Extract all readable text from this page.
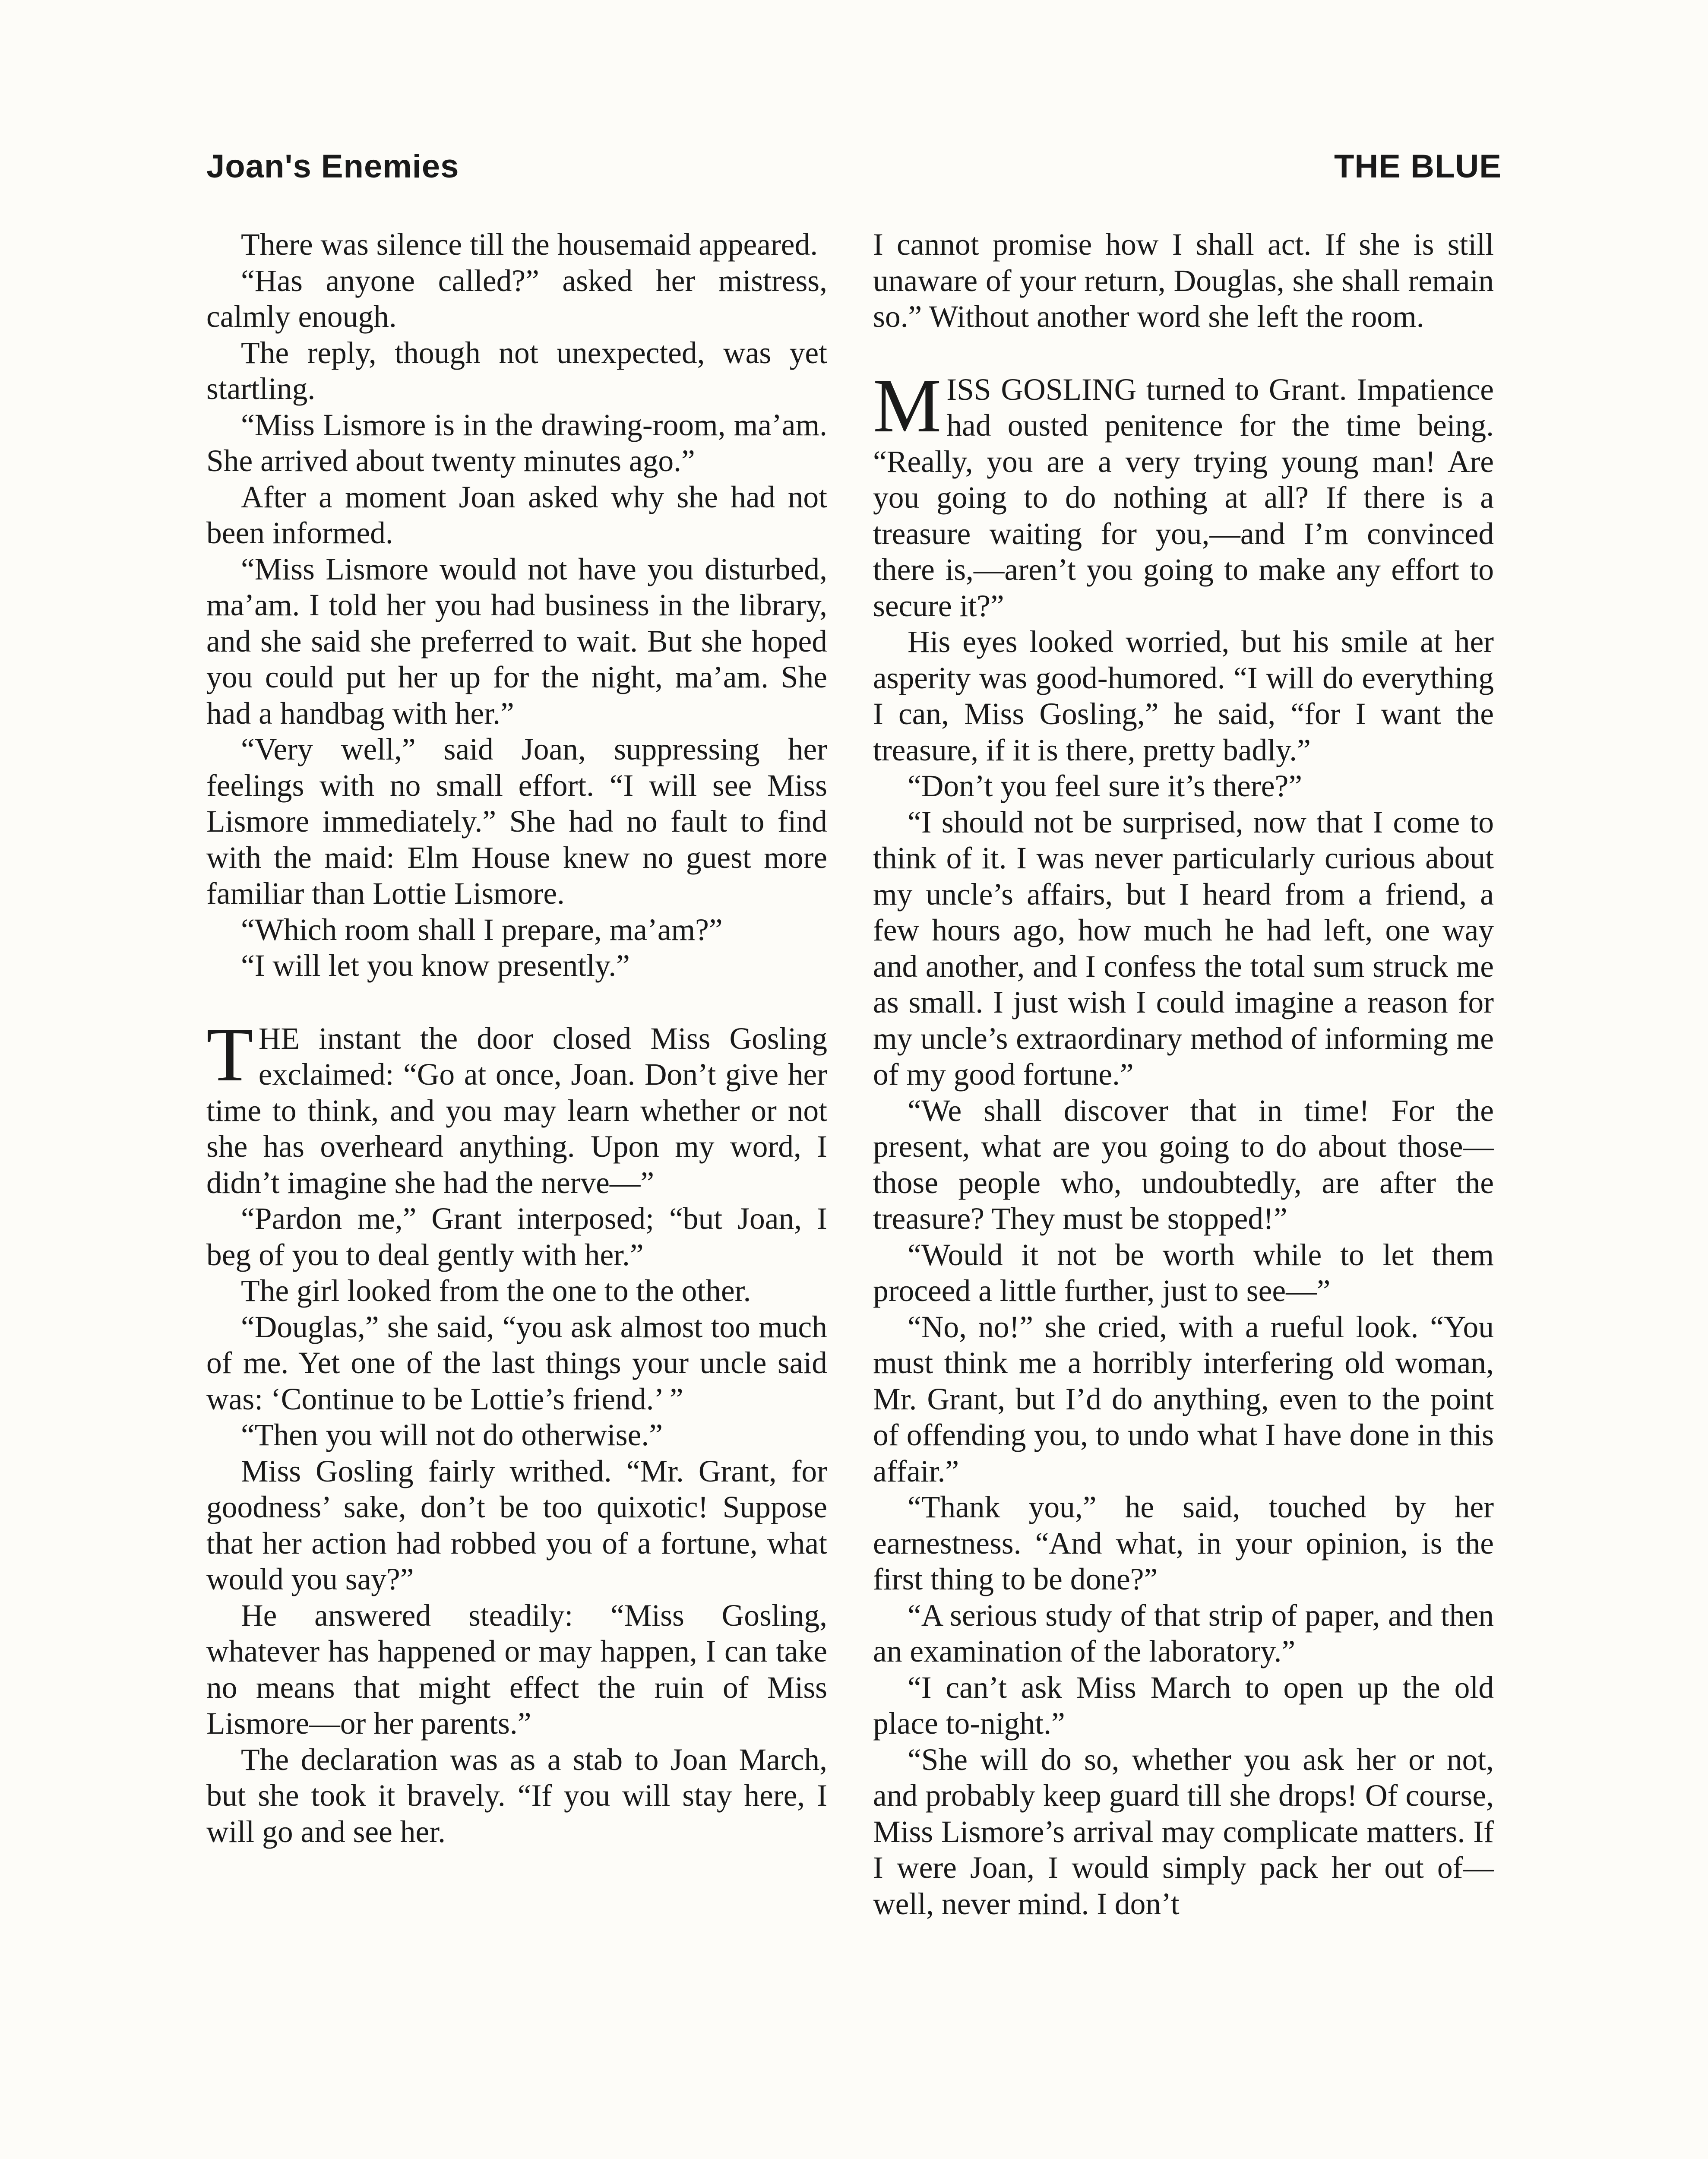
Joan's Enemies	THE BLUE

There was silence till the housemaid appeared.

“Has anyone called?” asked her mistress, calmly enough.

The reply, though not unexpected, was yet startling.

“Miss Lismore is in the drawing-room, ma’am. She arrived about twenty minutes ago.”

After a moment Joan asked why she had not been informed.

“Miss Lismore would not have you disturbed, ma’am. I told her you had business in the library, and she said she preferred to wait. But she hoped you could put her up for the night, ma’am. She had a handbag with her.”

“Very well,” said Joan, suppressing her feelings with no small effort. “I will see Miss Lismore immediately.” She had no fault to find with the maid: Elm House knew no guest more familiar than Lottie Lismore.

“Which room shall I prepare, ma’am?”

“I will let you know presently.”

THE instant the door closed Miss Gosling exclaimed: “Go at once, Joan. Don’t give her time to think, and you may learn whether or not she has overheard anything. Upon my word, I didn’t imagine she had the nerve—”

“Pardon me,” Grant interposed; “but Joan, I beg of you to deal gently with her.”

The girl looked from the one to the other.

“Douglas,” she said, “you ask almost too much of me. Yet one of the last things your uncle said was: ‘Continue to be Lottie’s friend.’ ”

“Then you will not do otherwise.”

Miss Gosling fairly writhed. “Mr. Grant, for goodness’ sake, don’t be too quixotic! Suppose that her action had robbed you of a fortune, what would you say?”

He answered steadily: “Miss Gosling, whatever has happened or may happen, I can take no means that might effect the ruin of Miss Lismore—or her parents.”

The declaration was as a stab to Joan March, but she took it bravely. “If you will stay here, I will go and see her.

I cannot promise how I shall act. If she is still unaware of your return, Douglas, she shall remain so.” Without another word she left the room.

MISS GOSLING turned to Grant. Impatience had ousted penitence for the time being. “Really, you are a very trying young man! Are you going to do nothing at all? If there is a treasure waiting for you,—and I’m convinced there is,—aren’t you going to make any effort to secure it?”

His eyes looked worried, but his smile at her asperity was good-humored. “I will do everything I can, Miss Gosling,” he said, “for I want the treasure, if it is there, pretty badly.”

“Don’t you feel sure it’s there?”

“I should not be surprised, now that I come to think of it. I was never particularly curious about my uncle’s affairs, but I heard from a friend, a few hours ago, how much he had left, one way and another, and I confess the total sum struck me as small. I just wish I could imagine a reason for my uncle’s extraordinary method of informing me of my good fortune.”

“We shall discover that in time! For the present, what are you going to do about those—those people who, undoubtedly, are after the treasure? They must be stopped!”

“Would it not be worth while to let them proceed a little further, just to see—”

“No, no!” she cried, with a rueful look. “You must think me a horribly interfering old woman, Mr. Grant, but I’d do anything, even to the point of offending you, to undo what I have done in this affair.”

“Thank you,” he said, touched by her earnestness. “And what, in your opinion, is the first thing to be done?”

“A serious study of that strip of paper, and then an examination of the laboratory.”

“I can’t ask Miss March to open up the old place to-night.”

“She will do so, whether you ask her or not, and probably keep guard till she drops! Of course, Miss Lismore’s arrival may complicate matters. If I were Joan, I would simply pack her out of—well, never mind. I don’t
